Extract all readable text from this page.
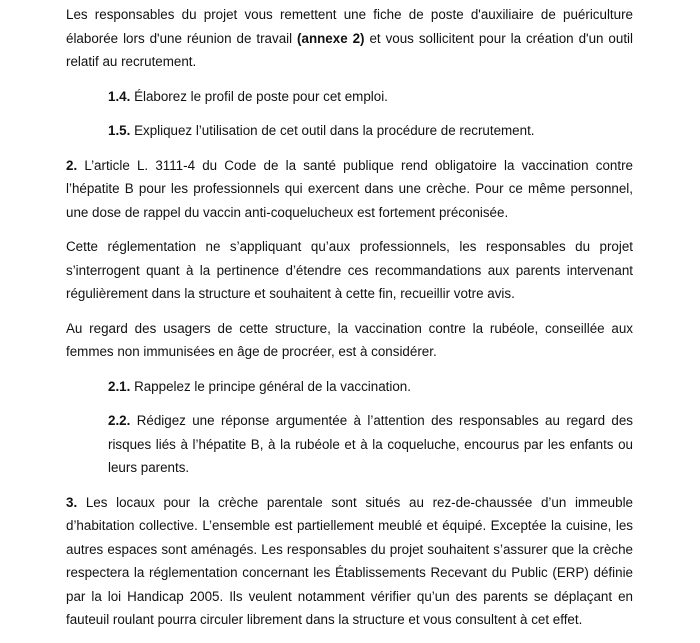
Les responsables du projet vous remettent une fiche de poste d'auxiliaire de puériculture élaborée lors d'une réunion de travail (annexe 2) et vous sollicitent pour la création d'un outil relatif au recrutement.

1.4. Élaborez le profil de poste pour cet emploi.

1.5. Expliquez l’utilisation de cet outil dans la procédure de recrutement.

2. L’article L. 3111-4 du Code de la santé publique rend obligatoire la vaccination contre l’hépatite B pour les professionnels qui exercent dans une crèche. Pour ce même personnel, une dose de rappel du vaccin anti-coquelucheux est fortement préconisée.

Cette réglementation ne s’appliquant qu’aux professionnels, les responsables du projet s’interrogent quant à la pertinence d’étendre ces recommandations aux parents intervenant régulièrement dans la structure et souhaitent à cette fin, recueillir votre avis.

Au regard des usagers de cette structure, la vaccination contre la rubéole, conseillée aux femmes non immunisées en âge de procréer, est à considérer.

2.1. Rappelez le principe général de la vaccination.

2.2. Rédigez une réponse argumentée à l’attention des responsables au regard des risques liés à l’hépatite B, à la rubéole et à la coqueluche, encourus par les enfants ou leurs parents.

3. Les locaux pour la crèche parentale sont situés au rez-de-chaussée d’un immeuble d’habitation collective. L’ensemble est partiellement meublé et équipé. Exceptée la cuisine, les autres espaces sont aménagés. Les responsables du projet souhaitent s’assurer que la crèche respectera la réglementation concernant les Établissements Recevant du Public (ERP) définie par la loi Handicap 2005. Ils veulent notamment vérifier qu’un des parents se déplaçant en fauteuil roulant pourra circuler librement dans la structure et vous consultent à cet effet.
